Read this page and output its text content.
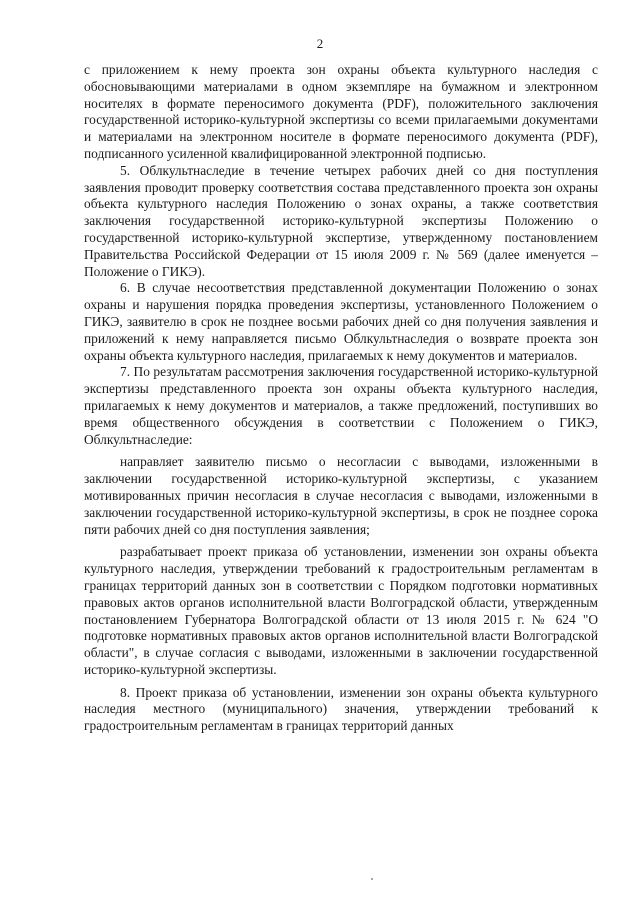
2

с приложением к нему проекта зон охраны объекта культурного наследия с обосновывающими материалами в одном экземпляре на бумажном и электронном носителях в формате переносимого документа (PDF), положительного заключения государственной историко-культурной экспертизы со всеми прилагаемыми документами и материалами на электронном носителе в формате переносимого документа (PDF), подписанного усиленной квалифицированной электронной подписью.

5. Облкультнаследие в течение четырех рабочих дней со дня поступления заявления проводит проверку соответствия состава представленного проекта зон охраны объекта культурного наследия Положению о зонах охраны, а также соответствия заключения государственной историко-культурной экспертизы Положению о государственной историко-культурной экспертизе, утвержденному постановлением Правительства Российской Федерации от 15 июля 2009 г. № 569 (далее именуется – Положение о ГИКЭ).

6. В случае несоответствия представленной документации Положению о зонах охраны и нарушения порядка проведения экспертизы, установленного Положением о ГИКЭ, заявителю в срок не позднее восьми рабочих дней со дня получения заявления и приложений к нему направляется письмо Облкультнаследия о возврате проекта зон охраны объекта культурного наследия, прилагаемых к нему документов и материалов.

7. По результатам рассмотрения заключения государственной историко-культурной экспертизы представленного проекта зон охраны объекта культурного наследия, прилагаемых к нему документов и материалов, а также предложений, поступивших во время общественного обсуждения в соответствии с Положением о ГИКЭ, Облкультнаследие:

направляет заявителю письмо о несогласии с выводами, изложенными в заключении государственной историко-культурной экспертизы, с указанием мотивированных причин несогласия в случае несогласия с выводами, изложенными в заключении государственной историко-культурной экспертизы, в срок не позднее сорока пяти рабочих дней со дня поступления заявления;

разрабатывает проект приказа об установлении, изменении зон охраны объекта культурного наследия, утверждении требований к градостроительным регламентам в границах территорий данных зон в соответствии с Порядком подготовки нормативных правовых актов органов исполнительной власти Волгоградской области, утвержденным постановлением Губернатора Волгоградской области от 13 июля 2015 г. № 624 "О подготовке нормативных правовых актов органов исполнительной власти Волгоградской области", в случае согласия с выводами, изложенными в заключении государственной историко-культурной экспертизы.

8. Проект приказа об установлении, изменении зон охраны объекта культурного наследия местного (муниципального) значения, утверждении требований к градостроительным регламентам в границах территорий данных
